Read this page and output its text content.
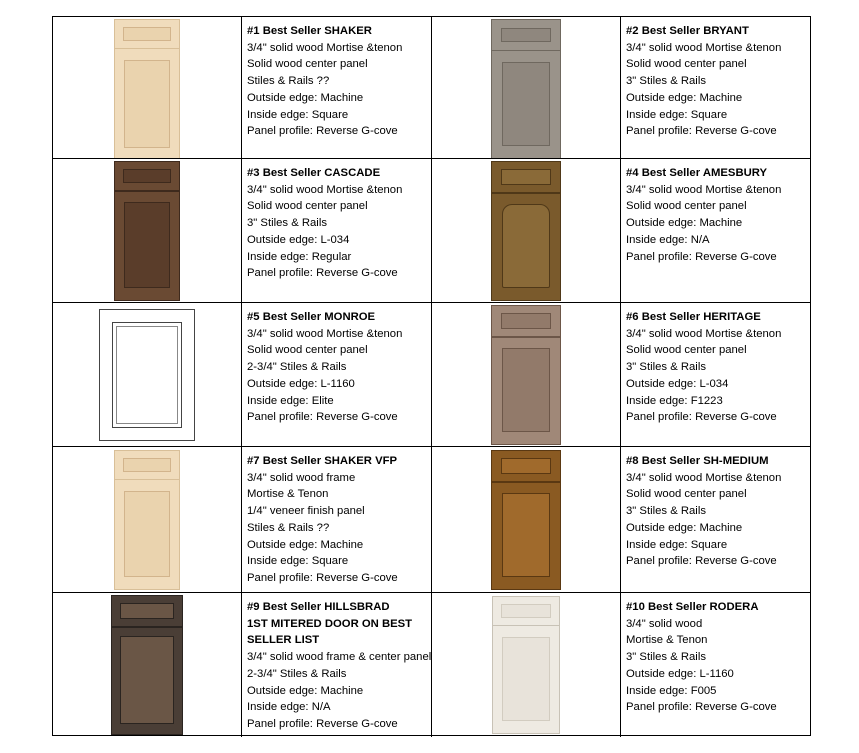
#1 Best Seller SHAKER
3/4" solid wood Mortise &tenon
Solid wood center panel
Stiles & Rails ??
Outside edge: Machine
Inside edge: Square
Panel profile: Reverse G-cove
#2 Best Seller BRYANT
3/4" solid wood Mortise &tenon
Solid wood center panel
3" Stiles & Rails
Outside edge: Machine
Inside edge: Square
Panel profile: Reverse G-cove
#3 Best Seller CASCADE
3/4" solid wood Mortise &tenon
Solid wood center panel
3" Stiles & Rails
Outside edge: L-034
Inside edge: Regular
Panel profile: Reverse G-cove
#4 Best Seller AMESBURY
3/4" solid wood Mortise &tenon
Solid wood center panel
Outside edge: Machine
Inside edge: N/A
Panel profile: Reverse G-cove
#5 Best Seller MONROE
3/4" solid wood Mortise &tenon
Solid wood center panel
2-3/4" Stiles & Rails
Outside edge: L-1160
Inside edge: Elite
Panel profile: Reverse G-cove
#6 Best Seller HERITAGE
3/4" solid wood Mortise &tenon
Solid wood center panel
3" Stiles & Rails
Outside edge: L-034
Inside edge: F1223
Panel profile: Reverse G-cove
#7 Best Seller SHAKER VFP
3/4" solid wood frame
Mortise & Tenon
1/4" veneer finish panel
Stiles & Rails ??
Outside edge: Machine
Inside edge: Square
Panel profile: Reverse G-cove
#8 Best Seller SH-MEDIUM
3/4" solid wood Mortise &tenon
Solid wood center panel
3" Stiles & Rails
Outside edge: Machine
Inside edge: Square
Panel profile: Reverse G-cove
#9 Best Seller HILLSBRAD
1ST MITERED DOOR ON BEST
SELLER LIST
3/4" solid wood frame & center panel
2-3/4" Stiles & Rails
Outside edge: Machine
Inside edge: N/A
Panel profile: Reverse G-cove
#10 Best Seller RODERA
3/4" solid wood
Mortise & Tenon
3" Stiles & Rails
Outside edge: L-1160
Inside edge: F005
Panel profile: Reverse G-cove
